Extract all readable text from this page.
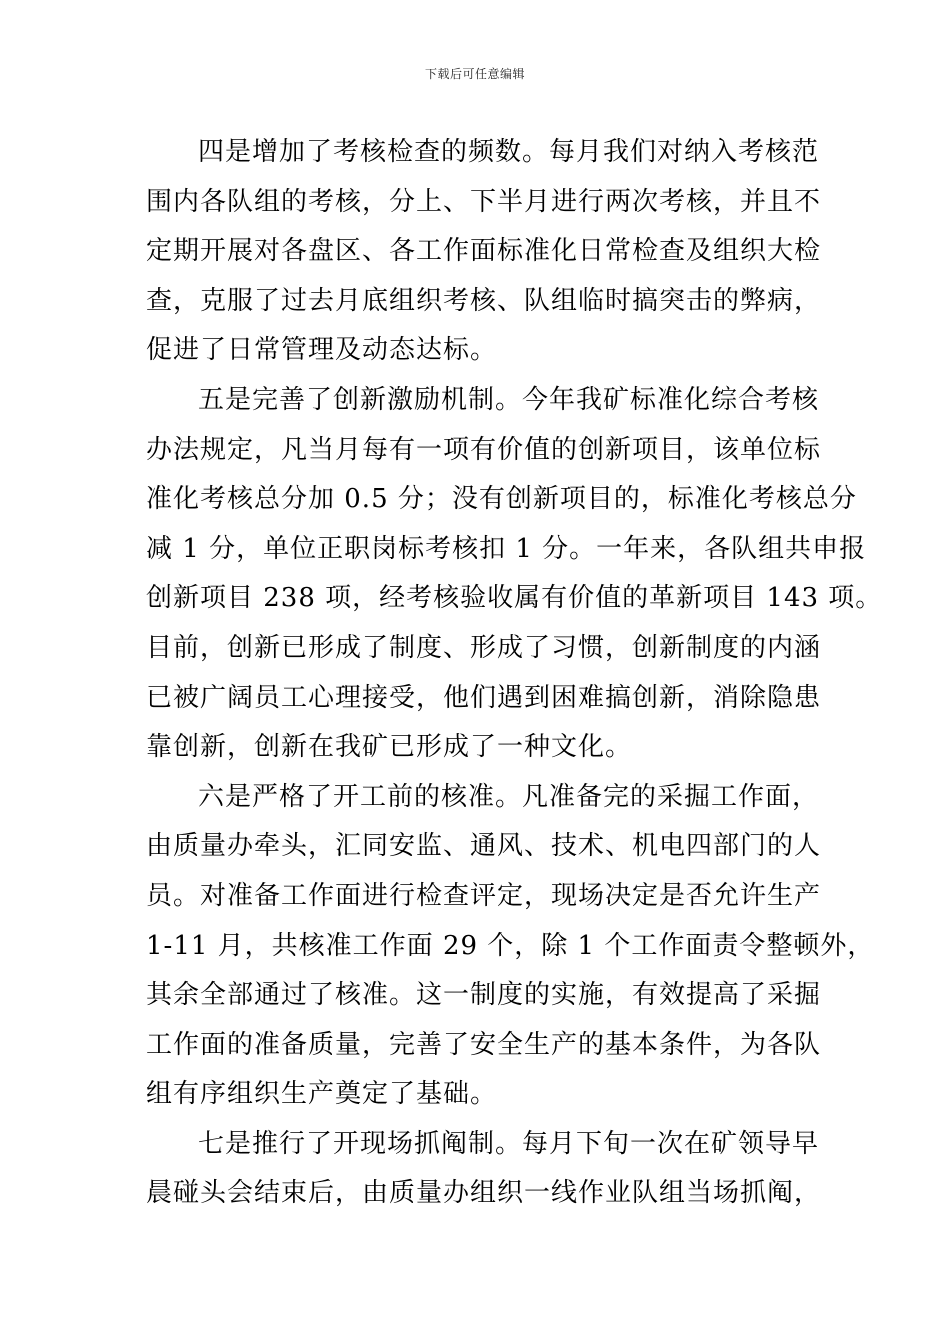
下载后可任意编辑
四是增加了考核检查的频数。每月我们对纳入考核范
围内各队组的考核，分上、下半月进行两次考核，并且不
定期开展对各盘区、各工作面标准化日常检查及组织大检
查，克服了过去月底组织考核、队组临时搞突击的弊病，
促进了日常管理及动态达标。
五是完善了创新激励机制。今年我矿标准化综合考核
办法规定，凡当月每有一项有价值的创新项目，该单位标
准化考核总分加 0.5 分；没有创新项目的，标准化考核总分
减 1 分，单位正职岗标考核扣 1 分。一年来，各队组共申报
创新项目 238 项，经考核验收属有价值的革新项目 143 项。
目前，创新已形成了制度、形成了习惯，创新制度的内涵
已被广阔员工心理接受，他们遇到困难搞创新，消除隐患
靠创新，创新在我矿已形成了一种文化。
六是严格了开工前的核准。凡准备完的采掘工作面，
由质量办牵头，汇同安监、通风、技术、机电四部门的人
员。对准备工作面进行检查评定，现场决定是否允许生产
1-11 月，共核准工作面 29 个，除 1 个工作面责令整顿外，
其余全部通过了核准。这一制度的实施，有效提高了采掘
工作面的准备质量，完善了安全生产的基本条件，为各队
组有序组织生产奠定了基础。
七是推行了开现场抓阄制。每月下旬一次在矿领导早
晨碰头会结束后，由质量办组织一线作业队组当场抓阄，
